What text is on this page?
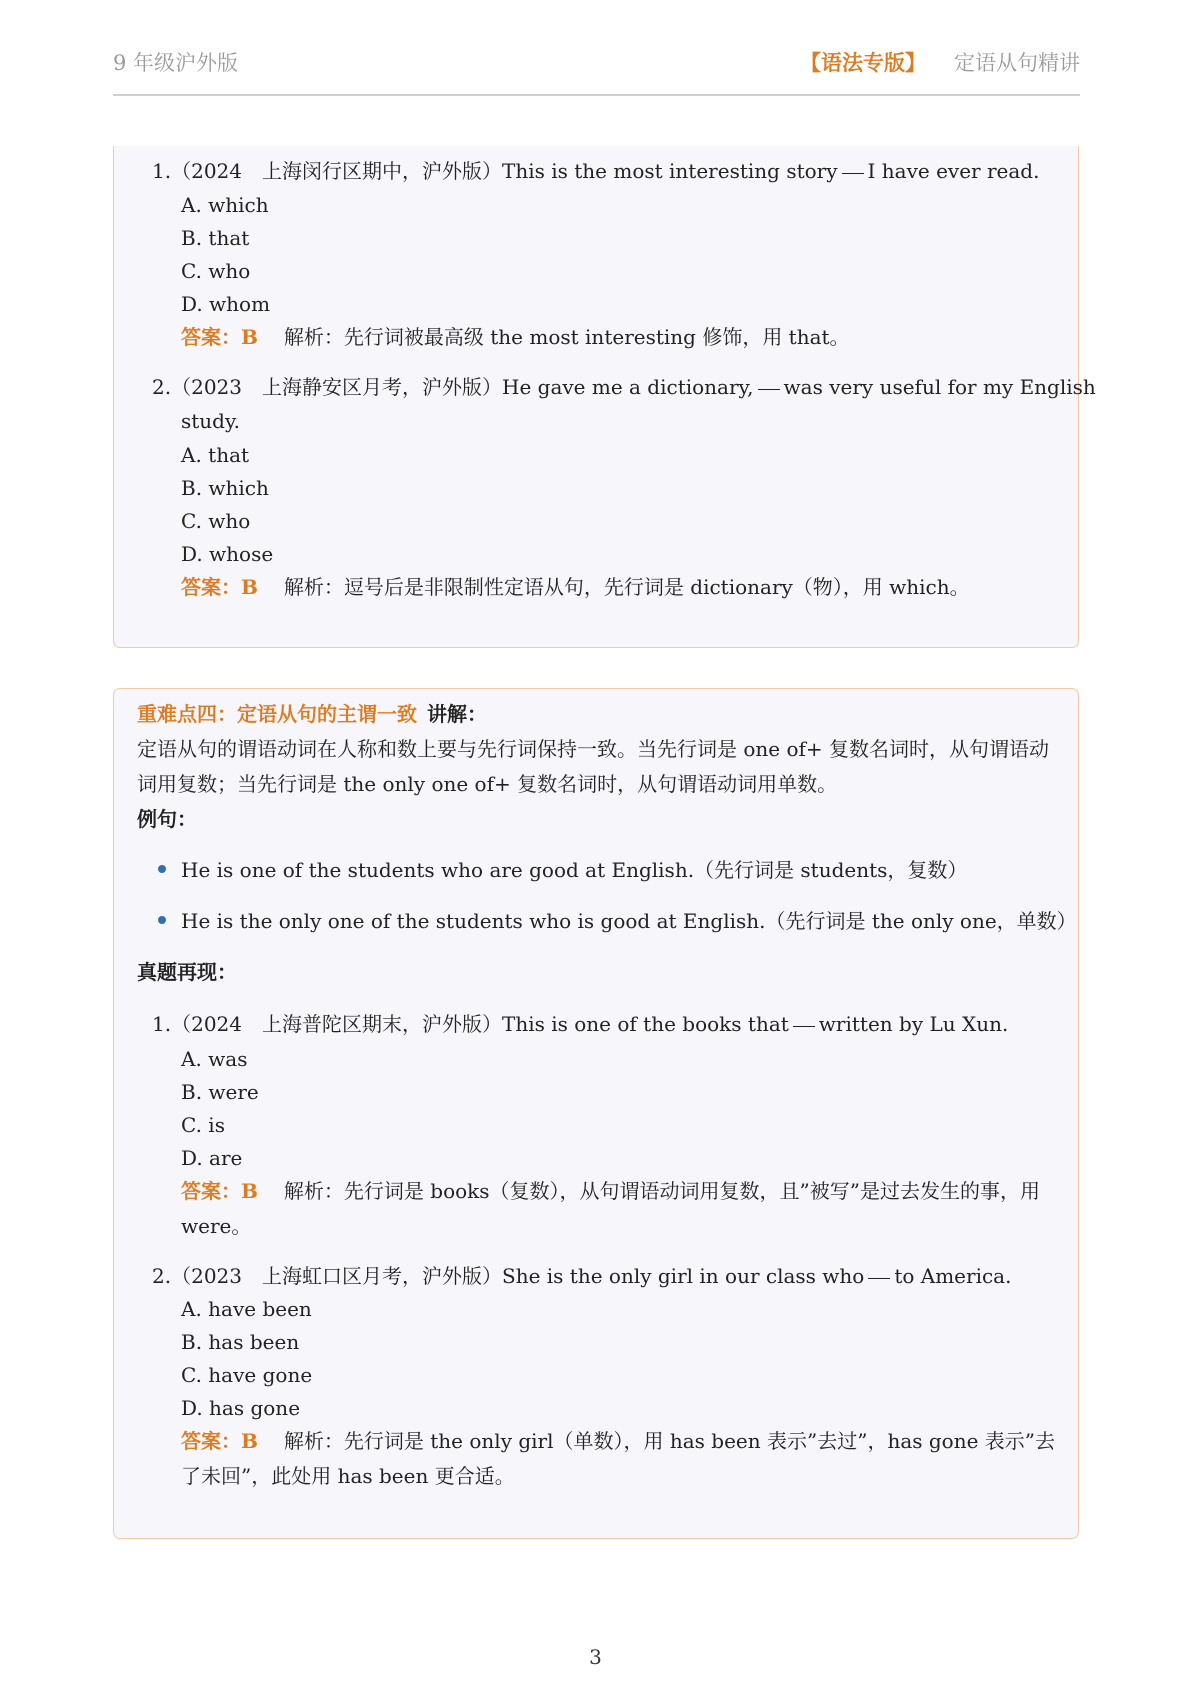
9 年级沪外版	【语法专版】 定语从句精讲
1.（2024　上海闵行区期中，沪外版）This is the most interesting story I have ever read.
A. which
B. that
C. who
D. whom
答案：B 解析：先行词被最高级 the most interesting 修饰，用 that。
2.（2023　上海静安区月考，沪外版）He gave me a dictionary, was very useful for my English
study.
A. that
B. which
C. who
D. whose
答案：B 解析：逗号后是非限制性定语从句，先行词是 dictionary（物），用 which。
重难点四：定语从句的主谓一致 讲解：
定语从句的谓语动词在人称和数上要与先行词保持一致。当先行词是 one of+ 复数名词时，从句谓语动词用复数；当先行词是 the only one of+ 复数名词时，从句谓语动词用单数。
例句：
He is one of the students who are good at English.（先行词是 students，复数）
He is the only one of the students who is good at English.（先行词是 the only one，单数）
真题再现：
1.（2024　上海普陀区期末，沪外版）This is one of the books that written by Lu Xun.
A. was
B. were
C. is
D. are
答案：B 解析：先行词是 books（复数），从句谓语动词用复数，且”被写”是过去发生的事，用 were。
2.（2023　上海虹口区月考，沪外版）She is the only girl in our class who to America.
A. have been
B. has been
C. have gone
D. has gone
答案：B 解析：先行词是 the only girl（单数），用 has been 表示”去过”，has gone 表示”去了未回”，此处用 has been 更合适。
3
